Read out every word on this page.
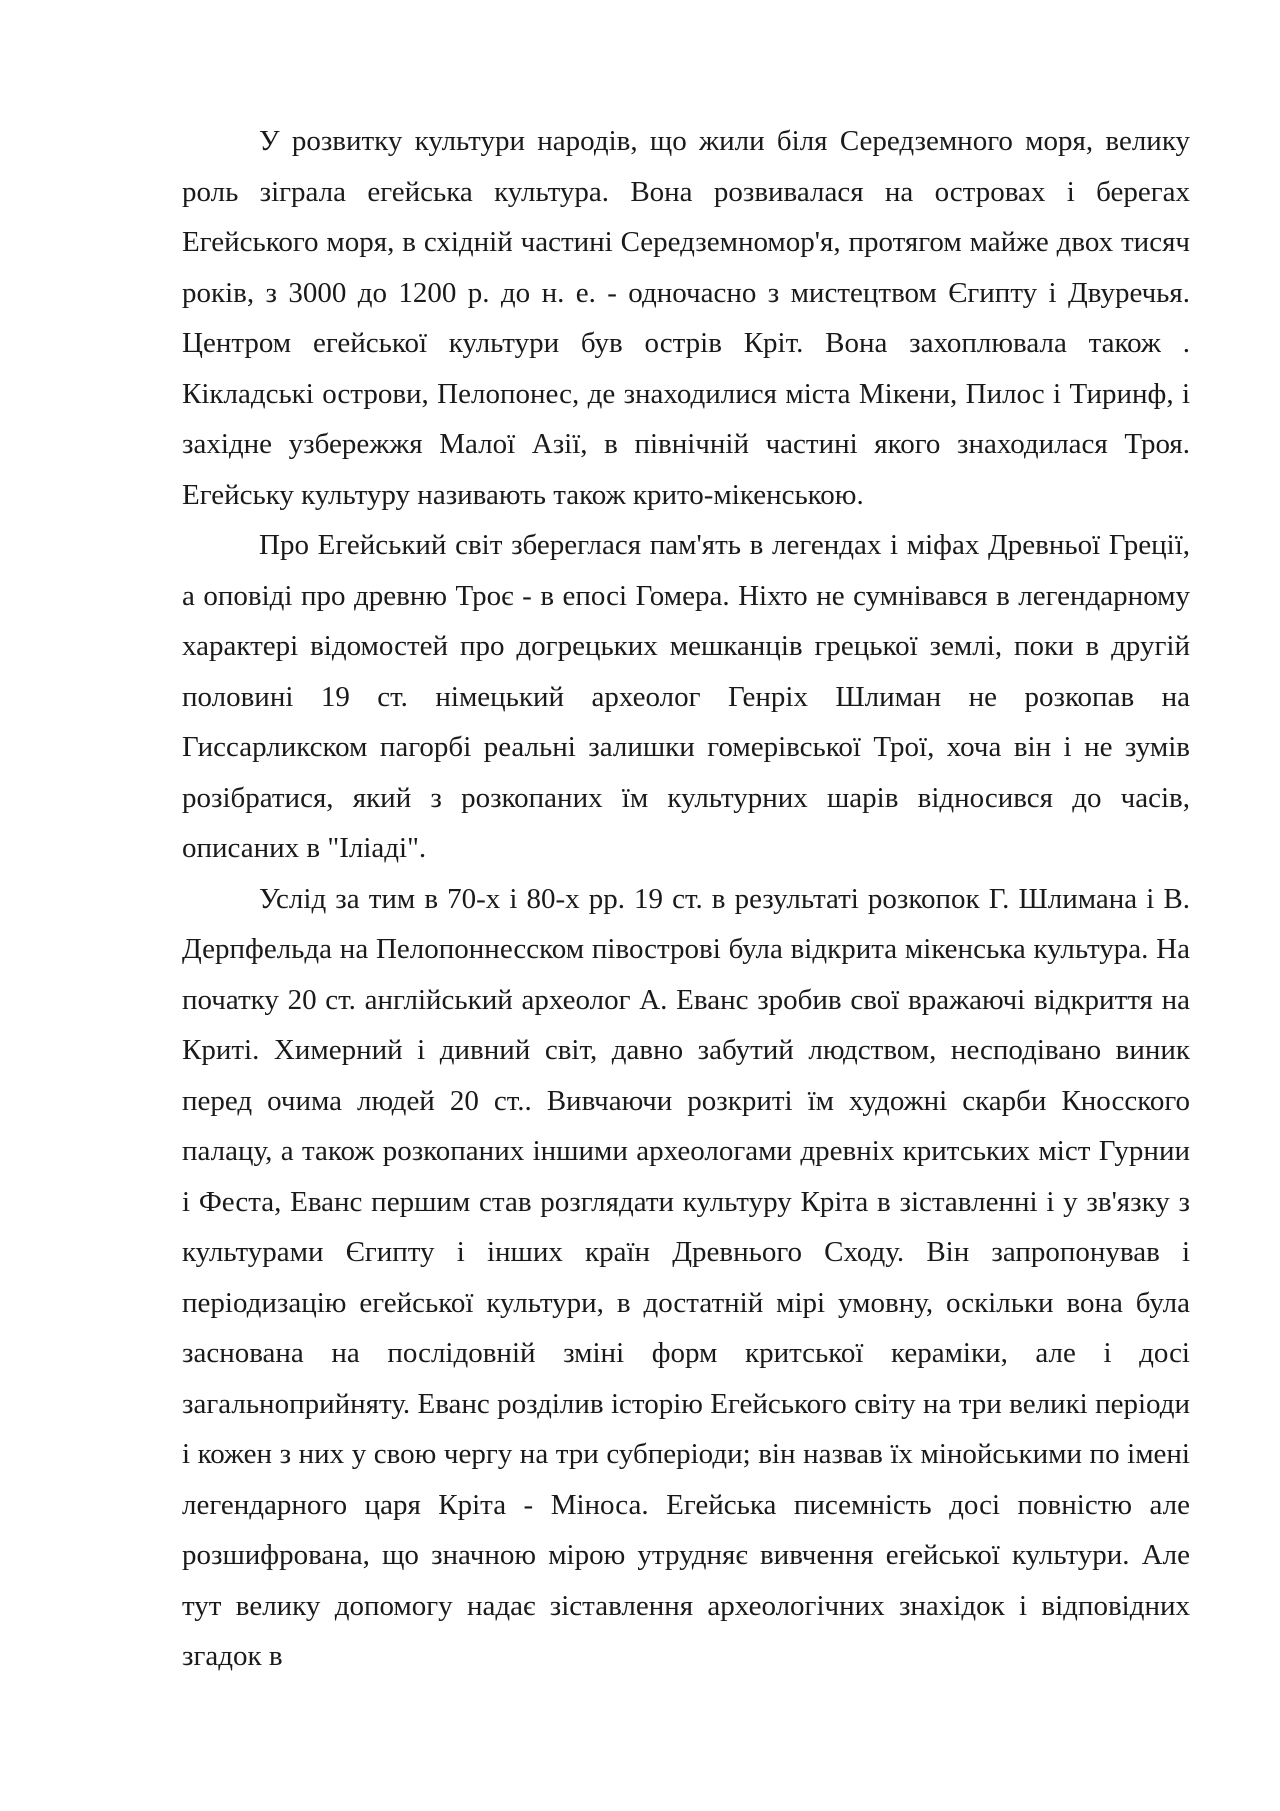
У розвитку культури народів, що жили біля Середземного моря, велику роль зіграла егейська культура. Вона розвивалася на островах і берегах Егейського моря, в східній частині Середземномор'я, протягом майже двох тисяч років, з 3000 до 1200 р. до н. е. - одночасно з мистецтвом Єгипту і Двуречья. Центром егейської культури був острів Кріт. Вона захоплювала також . Кікладські острови, Пелопонес, де знаходилися міста Мікени, Пилос і Тиринф, і західне узбережжя Малої Азії, в північній частині якого знаходилася Троя. Егейську культуру називають також крито-мікенською.

Про Егейський світ збереглася пам'ять в легендах і міфах Древньої Греції, а оповіді про древню Троє - в епосі Гомера. Ніхто не сумнівався в легендарному характері відомостей про догрецьких мешканців грецької землі, поки в другій половині 19 ст. німецький археолог Генріх Шлиман не розкопав на Гиссарликском пагорбі реальні залишки гомерівської Трої, хоча він і не зумів розібратися, який з розкопаних їм культурних шарів відносився до часів, описаних в "Іліаді".

Услід за тим в 70-х і 80-х рр. 19 ст. в результаті розкопок Г. Шлимана і В. Дерпфельда на Пелопоннесском півострові була відкрита мікенська культура. На початку 20 ст. англійський археолог А. Еванс зробив свої вражаючі відкриття на Криті. Химерний і дивний світ, давно забутий людством, несподівано виник перед очима людей 20 ст.. Вивчаючи розкриті їм художні скарби Кносского палацу, а також розкопаних іншими археологами древніх критських міст Гурнии і Феста, Еванс першим став розглядати культуру Кріта в зіставленні і у зв'язку з культурами Єгипту і інших країн Древнього Сходу. Він запропонував і періодизацію егейської культури, в достатній мірі умовну, оскільки вона була заснована на послідовній зміні форм критської кераміки, але і досі загальноприйняту. Еванс розділив історію Егейського світу на три великі періоди і кожен з них у свою чергу на три субперіоди; він назвав їх мінойськими по імені легендарного царя Кріта - Міноса. Егейська писемність досі повністю але розшифрована, що значною мірою утрудняє вивчення егейської культури. Але тут велику допомогу надає зіставлення археологічних знахідок і відповідних згадок в
